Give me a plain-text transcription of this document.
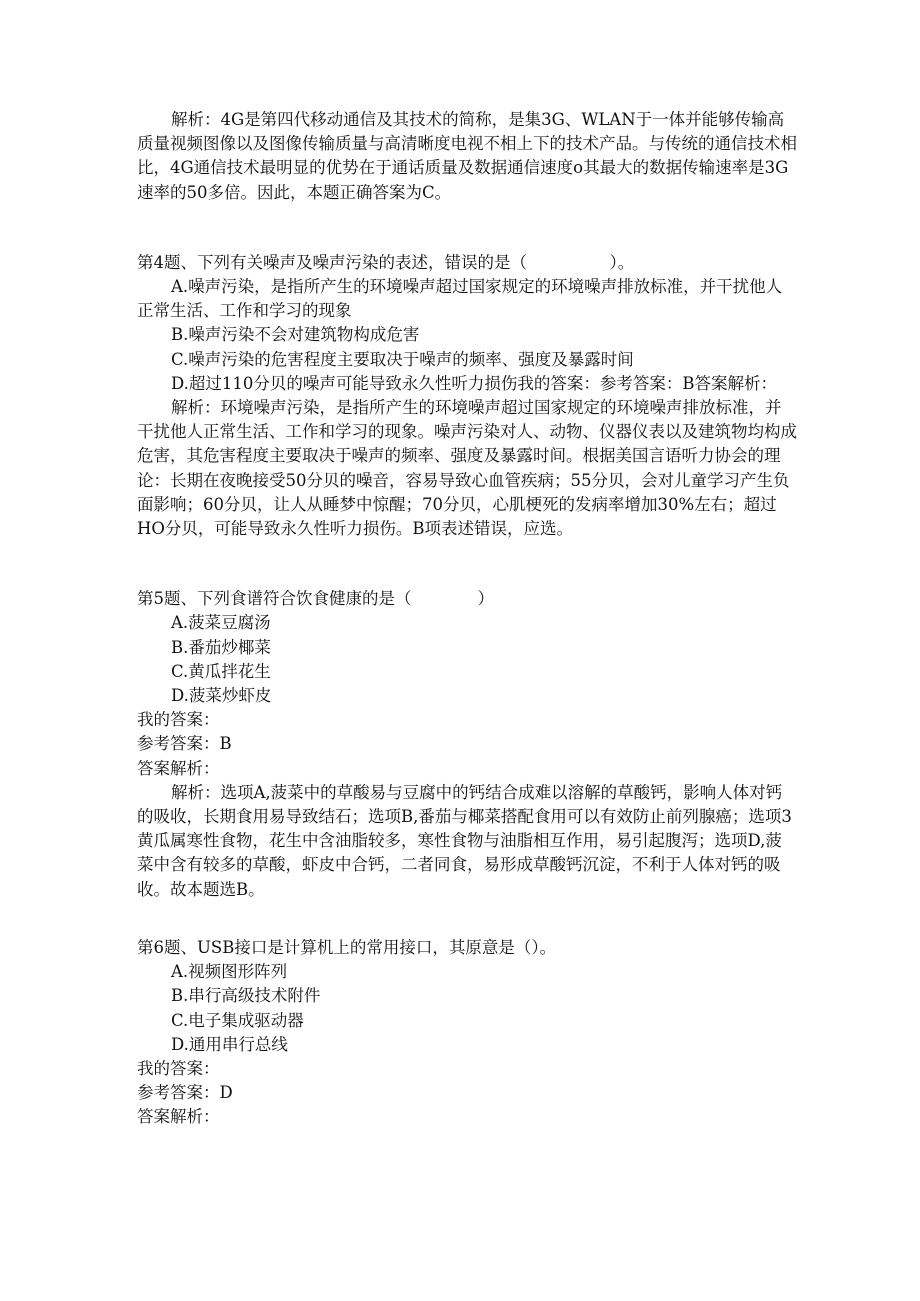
解析：4G是第四代移动通信及其技术的简称，是集3G、WLAN于一体并能够传输高质量视频图像以及图像传输质量与高清晰度电视不相上下的技术产品。与传统的通信技术相比，4G通信技术最明显的优势在于通话质量及数据通信速度o其最大的数据传输速率是3G速率的50多倍。因此，本题正确答案为C。

第4题、下列有关噪声及噪声污染的表述，错误的是（　　　　　）。

A.噪声污染，是指所产生的环境噪声超过国家规定的环境噪声排放标准，并干扰他人正常生活、工作和学习的现象

B.噪声污染不会对建筑物构成危害

C.噪声污染的危害程度主要取决于噪声的频率、强度及暴露时间

D.超过110分贝的噪声可能导致永久性听力损伤我的答案：参考答案：B答案解析：

解析：环境噪声污染，是指所产生的环境噪声超过国家规定的环境噪声排放标准，并干扰他人正常生活、工作和学习的现象。噪声污染对人、动物、仪器仪表以及建筑物均构成危害，其危害程度主要取决于噪声的频率、强度及暴露时间。根据美国言语听力协会的理论：长期在夜晚接受50分贝的噪音，容易导致心血管疾病；55分贝，会对儿童学习产生负面影响；60分贝，让人从睡梦中惊醒；70分贝，心肌梗死的发病率增加30%左右；超过HO分贝，可能导致永久性听力损伤。B项表述错误，应选。

第5题、下列食谱符合饮食健康的是（　　　　）

A.菠菜豆腐汤

B.番茄炒椰菜

C.黄瓜拌花生

D.菠菜炒虾皮

我的答案：

参考答案：B

答案解析：

解析：选项A,菠菜中的草酸易与豆腐中的钙结合成难以溶解的草酸钙，影响人体对钙的吸收，长期食用易导致结石；选项B,番茄与椰菜搭配食用可以有效防止前列腺癌；选项3黄瓜属寒性食物，花生中含油脂较多，寒性食物与油脂相互作用，易引起腹泻；选项D,菠菜中含有较多的草酸，虾皮中合钙，二者同食，易形成草酸钙沉淀，不利于人体对钙的吸收。故本题选B。

第6题、USB接口是计算机上的常用接口，其原意是（）。

A.视频图形阵列

B.串行高级技术附件

C.电子集成驱动器

D.通用串行总线

我的答案：

参考答案：D

答案解析：
